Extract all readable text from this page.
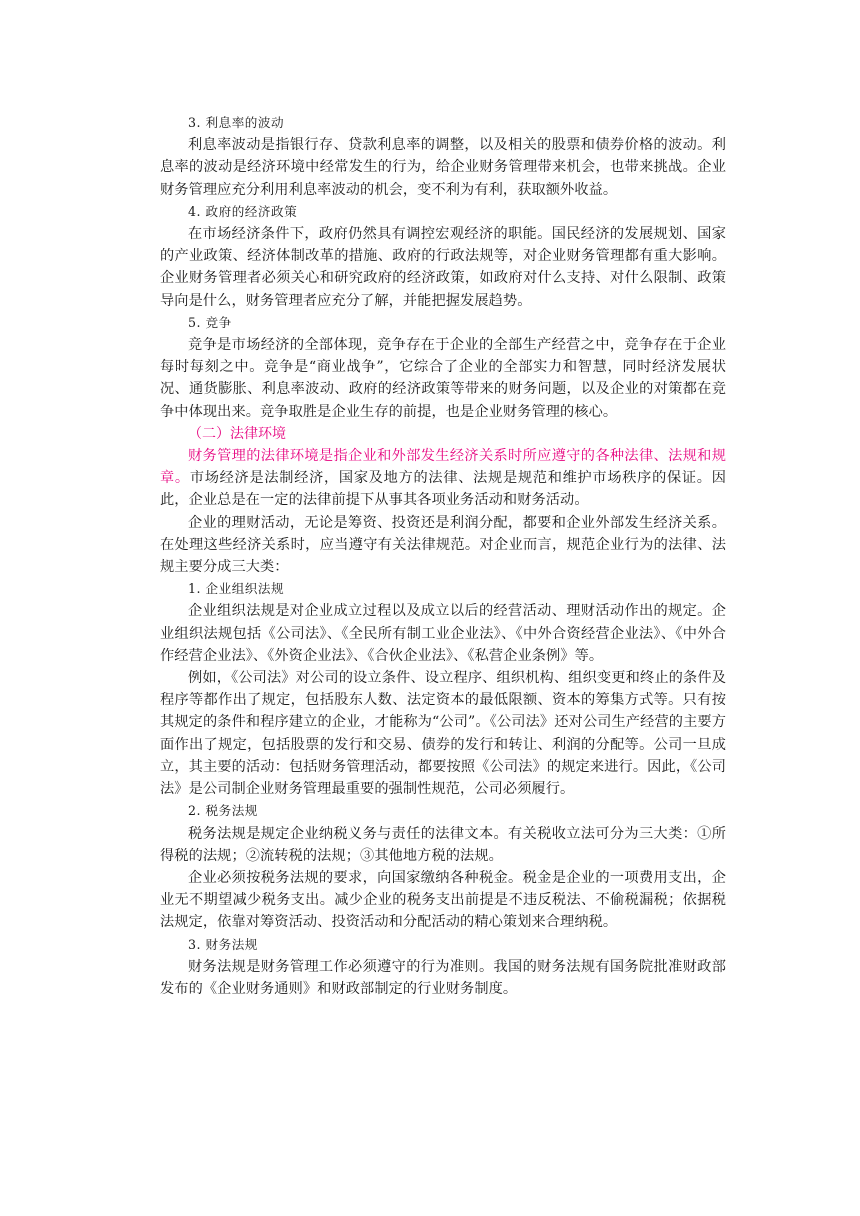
3. 利息率的波动

利息率波动是指银行存、贷款利息率的调整，以及相关的股票和债券价格的波动。利息率的波动是经济环境中经常发生的行为，给企业财务管理带来机会，也带来挑战。企业财务管理应充分利用利息率波动的机会，变不利为有利，获取额外收益。

4. 政府的经济政策

在市场经济条件下，政府仍然具有调控宏观经济的职能。国民经济的发展规划、国家的产业政策、经济体制改革的措施、政府的行政法规等，对企业财务管理都有重大影响。企业财务管理者必须关心和研究政府的经济政策，如政府对什么支持、对什么限制、政策导向是什么，财务管理者应充分了解，并能把握发展趋势。

5. 竞争

竞争是市场经济的全部体现，竞争存在于企业的全部生产经营之中，竞争存在于企业每时每刻之中。竞争是“商业战争”，它综合了企业的全部实力和智慧，同时经济发展状况、通货膨胀、利息率波动、政府的经济政策等带来的财务问题，以及企业的对策都在竞争中体现出来。竞争取胜是企业生存的前提，也是企业财务管理的核心。

（二）法律环境

财务管理的法律环境是指企业和外部发生经济关系时所应遵守的各种法律、法规和规章。市场经济是法制经济，国家及地方的法律、法规是规范和维护市场秩序的保证。因此，企业总是在一定的法律前提下从事其各项业务活动和财务活动。

企业的理财活动，无论是筹资、投资还是利润分配，都要和企业外部发生经济关系。在处理这些经济关系时，应当遵守有关法律规范。对企业而言，规范企业行为的法律、法规主要分成三大类：

1. 企业组织法规

企业组织法规是对企业成立过程以及成立以后的经营活动、理财活动作出的规定。企业组织法规包括《公司法》、《全民所有制工业企业法》、《中外合资经营企业法》、《中外合作经营企业法》、《外资企业法》、《合伙企业法》、《私营企业条例》等。

例如，《公司法》对公司的设立条件、设立程序、组织机构、组织变更和终止的条件及程序等都作出了规定，包括股东人数、法定资本的最低限额、资本的筹集方式等。只有按其规定的条件和程序建立的企业，才能称为“公司”。《公司法》还对公司生产经营的主要方面作出了规定，包括股票的发行和交易、债券的发行和转让、利润的分配等。公司一旦成立，其主要的活动：包括财务管理活动，都要按照《公司法》的规定来进行。因此，《公司法》是公司制企业财务管理最重要的强制性规范，公司必须履行。

2. 税务法规

税务法规是规定企业纳税义务与责任的法律文本。有关税收立法可分为三大类：①所得税的法规；②流转税的法规；③其他地方税的法规。

企业必须按税务法规的要求，向国家缴纳各种税金。税金是企业的一项费用支出，企业无不期望减少税务支出。减少企业的税务支出前提是不违反税法、不偷税漏税；依据税法规定，依靠对筹资活动、投资活动和分配活动的精心策划来合理纳税。

3. 财务法规

财务法规是财务管理工作必须遵守的行为准则。我国的财务法规有国务院批准财政部发布的《企业财务通则》和财政部制定的行业财务制度。
